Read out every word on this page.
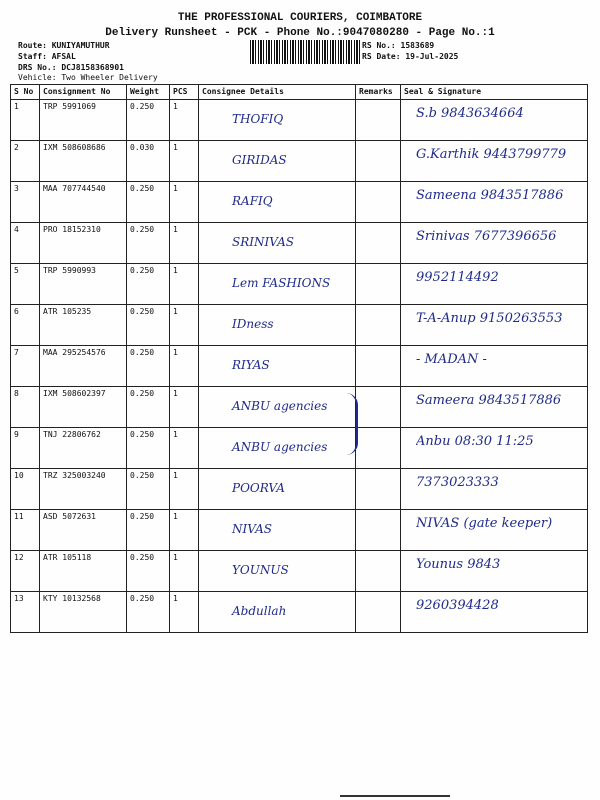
THE PROFESSIONAL COURIERS, COIMBATORE
Delivery Runsheet - PCK - Phone No.:9047080280 - Page No.:1
Route: KUNIYAMUTHUR
Staff: AFSAL
DRS No.: DCJ8158368901
Vehicle: Two Wheeler Delivery
RS No.: 1583689
RS Date: 19-Jul-2025
S No	Consignment No	Weight	PCS	Consignee Details	Remarks	Seal & Signature
1	TRP 5991069	0.250	1	THOFIQ		S.b 9843634664

2	IXM 508608686	0.030	1	GIRIDAS		G.Karthik 9443799779

3	MAA 707744540	0.250	1	RAFIQ		Sameena 9843517886

4	PRO 18152310	0.250	1	SRINIVAS		Srinivas 7677396656

5	TRP 5990993	0.250	1	Lem FASHIONS		9952114492

6	ATR 105235	0.250	1	IDness		T-A-Anup 9150263553

7	MAA 295254576	0.250	1	RIYAS		- MADAN -

8	IXM 508602397	0.250	1	ANBU agencies		Sameera 9843517886

9	TNJ 22806762	0.250	1	ANBU agencies		Anbu 08:30 11:25

10	TRZ 325003240	0.250	1	POORVA		7373023333

11	ASD 5072631	0.250	1	NIVAS		NIVAS (gate keeper)

12	ATR 105118	0.250	1	YOUNUS		Younus 9843

13	KTY 10132568	0.250	1	Abdullah		9260394428
